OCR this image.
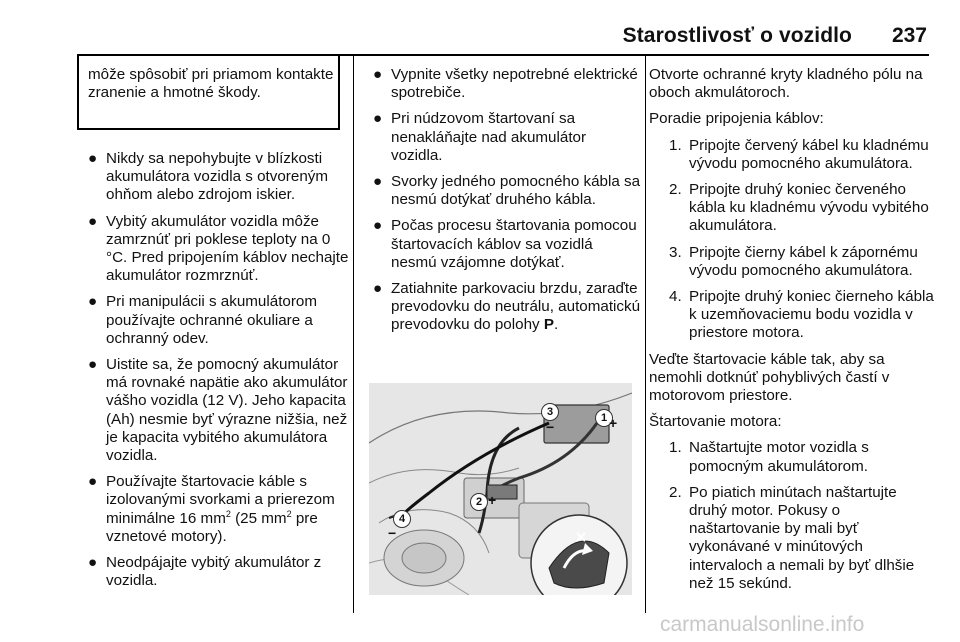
Starostlivosť o vozidlo	237
môže spôsobiť pri priamom kontakte zranenie a hmotné škody.
● Nikdy sa nepohybujte v blízkosti akumulátora vozidla s otvoreným ohňom alebo zdrojom iskier.
● Vybitý akumulátor vozidla môže zamrznúť pri poklese teploty na 0 °C. Pred pripojením káblov nechajte akumulátor rozmrznúť.
● Pri manipulácii s akumulátorom používajte ochranné okuliare a ochranný odev.
● Uistite sa, že pomocný akumulátor má rovnaké napätie ako akumulátor vášho vozidla (12 V). Jeho kapacita (Ah) nesmie byť výrazne nižšia, než je kapacita vybitého akumulátora vozidla.
● Používajte štartovacie káble s izolovanými svorkami a prierezom minimálne 16 $mm^2$ (25 $mm^2$ pre vznetové motory).
● Neodpájajte vybitý akumulátor z vozidla.
● Vypnite všetky nepotrebné elektrické spotrebiče.
● Pri núdzovom štartovaní sa nenakláňajte nad akumulátor vozidla.
● Svorky jedného pomocného kábla sa nesmú dotýkať druhého kábla.
● Počas procesu štartovania pomocou štartovacích káblov sa vozidlá nesmú vzájomne dotýkať.
● Zatiahnite parkovaciu brzdu, zaraďte prevodovku do neutrálu, automatickú prevodovku do polohy P.
1
2
3
4
+
−
+
−

Otvorte ochranné kryty kladného pólu na oboch akmulátoroch.

Poradie pripojenia káblov:

1. Pripojte červený kábel ku kladnému vývodu pomocného akumulátora.
2. Pripojte druhý koniec červeného kábla ku kladnému vývodu vybitého akumulátora.
3. Pripojte čierny kábel k zápornému vývodu pomocného akumulátora.
4. Pripojte druhý koniec čierneho kábla k uzemňovaciemu bodu vozidla v priestore motora.

Veďte štartovacie káble tak, aby sa nemohli dotknúť pohyblivých častí v motorovom priestore.

Štartovanie motora:

1. Naštartujte motor vozidla s pomocným akumulátorom.
2. Po piatich minútach naštartujte druhý motor. Pokusy o naštartovanie by mali byť vykonávané v minútových intervaloch a nemali by byť dlhšie než 15 sekúnd.
carmanualsonline.info
